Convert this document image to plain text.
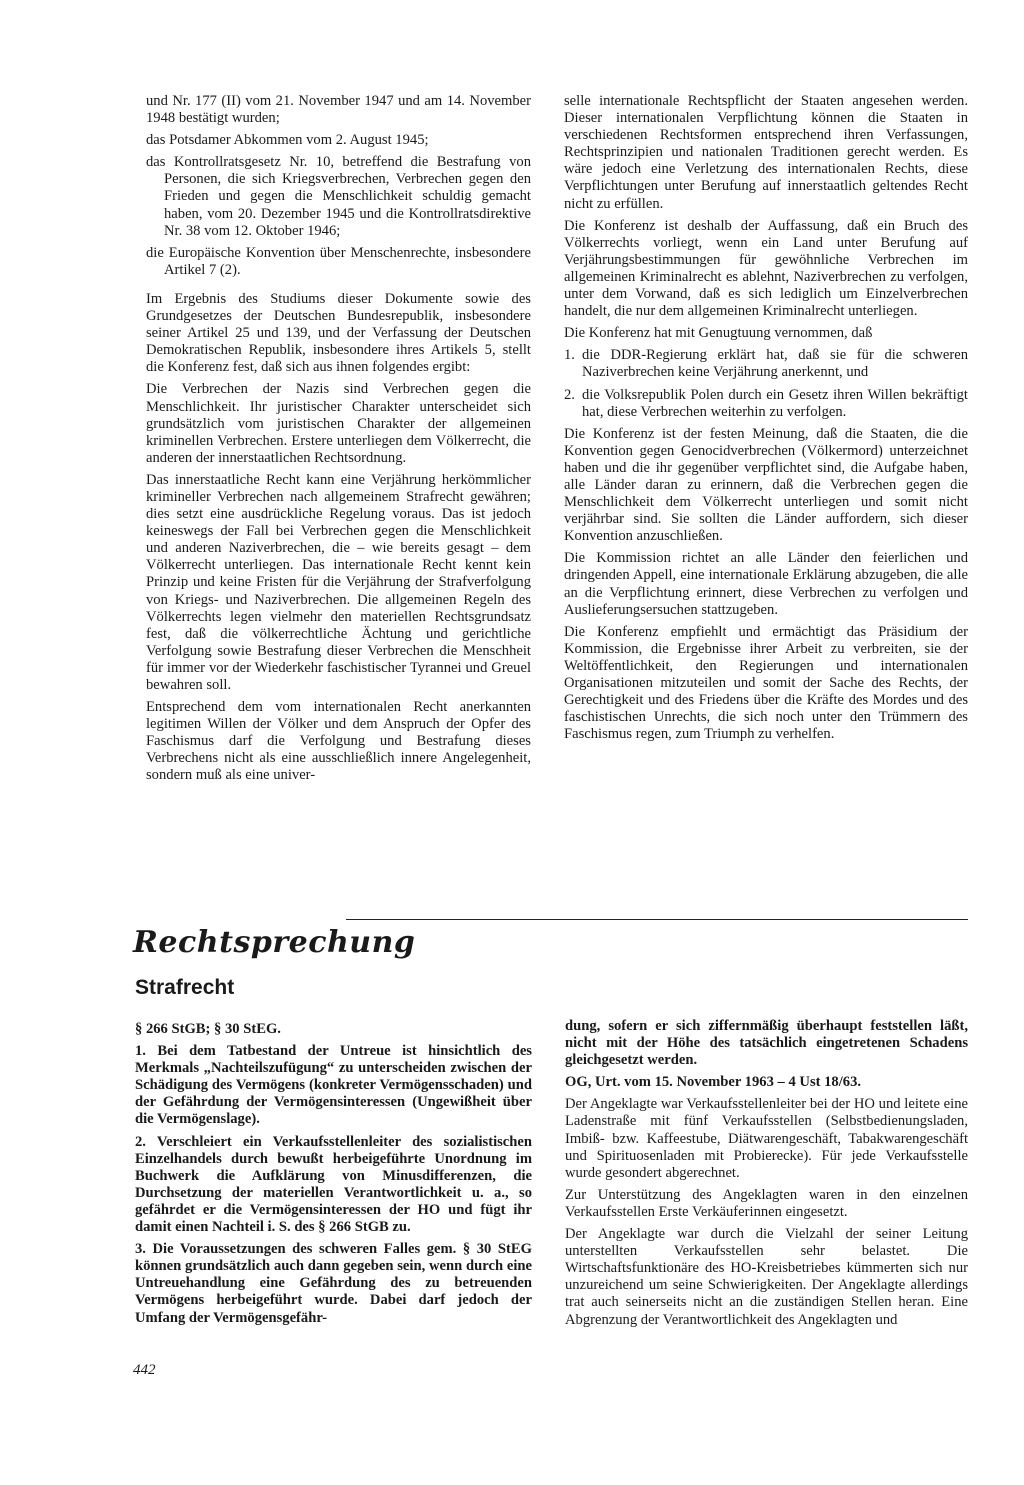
und Nr. 177 (II) vom 21. November 1947 und am 14. November 1948 bestätigt wurden;

das Potsdamer Abkommen vom 2. August 1945;

das Kontrollratsgesetz Nr. 10, betreffend die Bestrafung von Personen, die sich Kriegsverbrechen, Verbrechen gegen den Frieden und gegen die Menschlichkeit schuldig gemacht haben, vom 20. Dezember 1945 und die Kontrollratsdirektive Nr. 38 vom 12. Oktober 1946;

die Europäische Konvention über Menschenrechte, insbesondere Artikel 7 (2).

Im Ergebnis des Studiums dieser Dokumente sowie des Grundgesetzes der Deutschen Bundesrepublik, insbesondere seiner Artikel 25 und 139, und der Verfassung der Deutschen Demokratischen Republik, insbesondere ihres Artikels 5, stellt die Konferenz fest, daß sich aus ihnen folgendes ergibt:

Die Verbrechen der Nazis sind Verbrechen gegen die Menschlichkeit. Ihr juristischer Charakter unterscheidet sich grundsätzlich vom juristischen Charakter der allgemeinen kriminellen Verbrechen. Erstere unterliegen dem Völkerrecht, die anderen der innerstaatlichen Rechtsordnung.

Das innerstaatliche Recht kann eine Verjährung herkömmlicher krimineller Verbrechen nach allgemeinem Strafrecht gewähren; dies setzt eine ausdrückliche Regelung voraus. Das ist jedoch keineswegs der Fall bei Verbrechen gegen die Menschlichkeit und anderen Naziverbrechen, die – wie bereits gesagt – dem Völkerrecht unterliegen. Das internationale Recht kennt kein Prinzip und keine Fristen für die Verjährung der Strafverfolgung von Kriegs- und Naziverbrechen. Die allgemeinen Regeln des Völkerrechts legen vielmehr den materiellen Rechtsgrundsatz fest, daß die völkerrechtliche Ächtung und gerichtliche Verfolgung sowie Bestrafung dieser Verbrechen die Menschheit für immer vor der Wiederkehr faschistischer Tyrannei und Greuel bewahren soll.

Entsprechend dem vom internationalen Recht anerkannten legitimen Willen der Völker und dem Anspruch der Opfer des Faschismus darf die Verfolgung und Bestrafung dieses Verbrechens nicht als eine ausschließlich innere Angelegenheit, sondern muß als eine univer-

selle internationale Rechtspflicht der Staaten angesehen werden. Dieser internationalen Verpflichtung können die Staaten in verschiedenen Rechtsformen entsprechend ihren Verfassungen, Rechtsprinzipien und nationalen Traditionen gerecht werden. Es wäre jedoch eine Verletzung des internationalen Rechts, diese Verpflichtungen unter Berufung auf innerstaatlich geltendes Recht nicht zu erfüllen.

Die Konferenz ist deshalb der Auffassung, daß ein Bruch des Völkerrechts vorliegt, wenn ein Land unter Berufung auf Verjährungsbestimmungen für gewöhnliche Verbrechen im allgemeinen Kriminalrecht es ablehnt, Naziverbrechen zu verfolgen, unter dem Vorwand, daß es sich lediglich um Einzelverbrechen handelt, die nur dem allgemeinen Kriminalrecht unterliegen.

Die Konferenz hat mit Genugtuung vernommen, daß

1. die DDR-Regierung erklärt hat, daß sie für die schweren Naziverbrechen keine Verjährung anerkennt, und
2. die Volksrepublik Polen durch ein Gesetz ihren Willen bekräftigt hat, diese Verbrechen weiterhin zu verfolgen.

Die Konferenz ist der festen Meinung, daß die Staaten, die die Konvention gegen Genocidverbrechen (Völkermord) unterzeichnet haben und die ihr gegenüber verpflichtet sind, die Aufgabe haben, alle Länder daran zu erinnern, daß die Verbrechen gegen die Menschlichkeit dem Völkerrecht unterliegen und somit nicht verjährbar sind. Sie sollten die Länder auffordern, sich dieser Konvention anzuschließen.

Die Kommission richtet an alle Länder den feierlichen und dringenden Appell, eine internationale Erklärung abzugeben, die alle an die Verpflichtung erinnert, diese Verbrechen zu verfolgen und Auslieferungsersuchen stattzugeben.

Die Konferenz empfiehlt und ermächtigt das Präsidium der Kommission, die Ergebnisse ihrer Arbeit zu verbreiten, sie der Weltöffentlichkeit, den Regierungen und internationalen Organisationen mitzuteilen und somit der Sache des Rechts, der Gerechtigkeit und des Friedens über die Kräfte des Mordes und des faschistischen Unrechts, die sich noch unter den Trümmern des Faschismus regen, zum Triumph zu verhelfen.

Rechtsprechung
Strafrecht

§ 266 StGB; § 30 StEG.

1. Bei dem Tatbestand der Untreue ist hinsichtlich des Merkmals „Nachteilszufügung“ zu unterscheiden zwischen der Schädigung des Vermögens (konkreter Vermögensschaden) und der Gefährdung der Vermögensinteressen (Ungewißheit über die Vermögenslage).

2. Verschleiert ein Verkaufsstellenleiter des sozialistischen Einzelhandels durch bewußt herbeigeführte Unordnung im Buchwerk die Aufklärung von Minusdifferenzen, die Durchsetzung der materiellen Verantwortlichkeit u. a., so gefährdet er die Vermögensinteressen der HO und fügt ihr damit einen Nachteil i. S. des § 266 StGB zu.

3. Die Voraussetzungen des schweren Falles gem. § 30 StEG können grundsätzlich auch dann gegeben sein, wenn durch eine Untreuehandlung eine Gefährdung des zu betreuenden Vermögens herbeigeführt wurde. Dabei darf jedoch der Umfang der Vermögensgefähr-

dung, sofern er sich ziffernmäßig überhaupt feststellen läßt, nicht mit der Höhe des tatsächlich eingetretenen Schadens gleichgesetzt werden.

OG, Urt. vom 15. November 1963 – 4 Ust 18/63.

Der Angeklagte war Verkaufsstellenleiter bei der HO und leitete eine Ladenstraße mit fünf Verkaufsstellen (Selbstbedienungsladen, Imbiß- bzw. Kaffeestube, Diätwarengeschäft, Tabakwarengeschäft und Spirituosenladen mit Probierecke). Für jede Verkaufsstelle wurde gesondert abgerechnet.

Zur Unterstützung des Angeklagten waren in den einzelnen Verkaufsstellen Erste Verkäuferinnen eingesetzt.

Der Angeklagte war durch die Vielzahl der seiner Leitung unterstellten Verkaufsstellen sehr belastet. Die Wirtschaftsfunktionäre des HO-Kreisbetriebes kümmerten sich nur unzureichend um seine Schwierigkeiten. Der Angeklagte allerdings trat auch seinerseits nicht an die zuständigen Stellen heran. Eine Abgrenzung der Verantwortlichkeit des Angeklagten und

442
